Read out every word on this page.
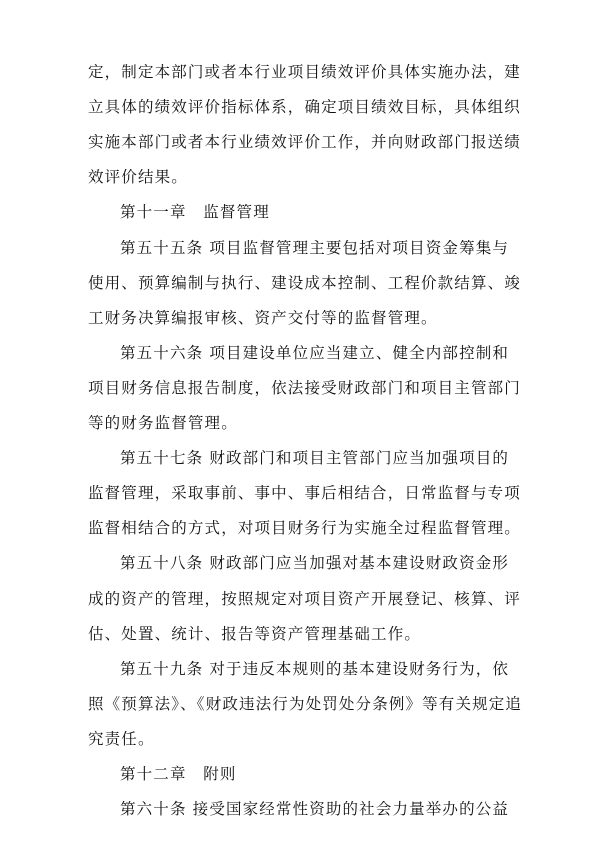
定，制定本部门或者本行业项目绩效评价具体实施办法，建
立具体的绩效评价指标体系，确定项目绩效目标，具体组织
实施本部门或者本行业绩效评价工作，并向财政部门报送绩
效评价结果。
第十一章　监督管理
第五十五条 项目监督管理主要包括对项目资金筹集与
使用、预算编制与执行、建设成本控制、工程价款结算、竣
工财务决算编报审核、资产交付等的监督管理。
第五十六条 项目建设单位应当建立、健全内部控制和
项目财务信息报告制度，依法接受财政部门和项目主管部门
等的财务监督管理。
第五十七条 财政部门和项目主管部门应当加强项目的
监督管理，采取事前、事中、事后相结合，日常监督与专项
监督相结合的方式，对项目财务行为实施全过程监督管理。
第五十八条 财政部门应当加强对基本建设财政资金形
成的资产的管理，按照规定对项目资产开展登记、核算、评
估、处置、统计、报告等资产管理基础工作。
第五十九条 对于违反本规则的基本建设财务行为，依
照《预算法》、《财政违法行为处罚处分条例》等有关规定追
究责任。
第十二章　附则
第六十条 接受国家经常性资助的社会力量举办的公益
